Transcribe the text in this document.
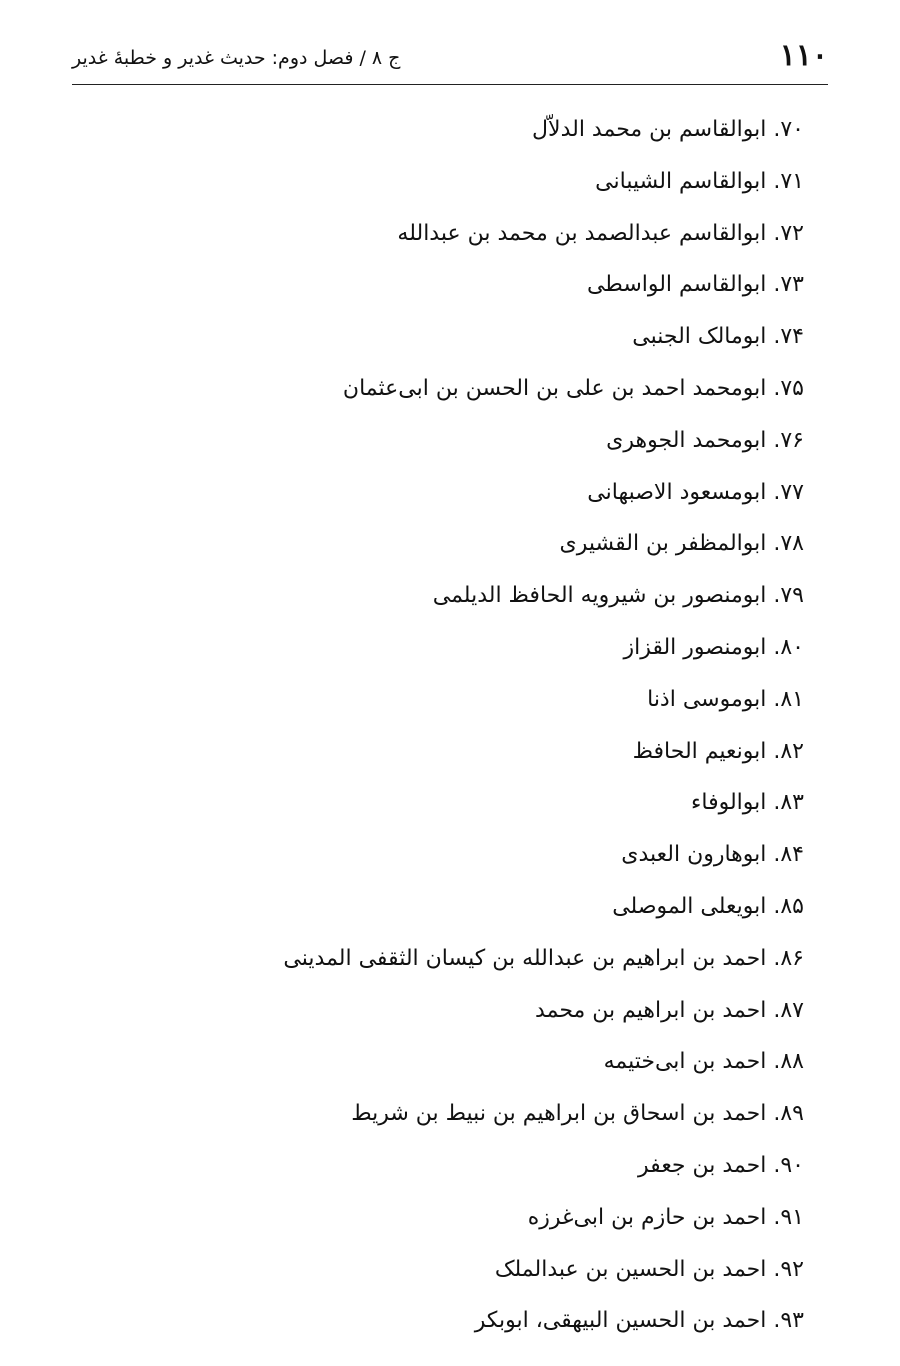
۱۱۰
ج ۸ / فصل دوم: حدیث غدیر و خطبهٔ غدیر
۷۰. ابوالقاسم بن محمد الدلاّل
۷۱. ابوالقاسم الشیبانی
۷۲. ابوالقاسم عبدالصمد بن محمد بن عبدالله
۷۳. ابوالقاسم الواسطی
۷۴. ابومالک الجنبی
۷۵. ابومحمد احمد بن علی بن الحسن بن ابی‌عثمان
۷۶. ابومحمد الجوهری
۷۷. ابومسعود الاصبهانی
۷۸. ابوالمظفر بن القشیری
۷۹. ابومنصور بن شیرویه الحافظ الدیلمی
۸۰. ابومنصور القزاز
۸۱. ابوموسی اذنا
۸۲. ابونعیم الحافظ
۸۳. ابوالوفاء
۸۴. ابوهارون العبدی
۸۵. ابویعلی الموصلی
۸۶. احمد بن ابراهیم بن عبدالله بن کیسان الثقفی المدینی
۸۷. احمد بن ابراهیم بن محمد
۸۸. احمد بن ابی‌ختیمه
۸۹. احمد بن اسحاق بن ابراهیم بن نبیط بن شریط
۹۰. احمد بن جعفر
۹۱. احمد بن حازم بن ابی‌غرزه
۹۲. احمد بن الحسین بن عبدالملک
۹۳. احمد بن الحسین البیهقی، ابوبکر
